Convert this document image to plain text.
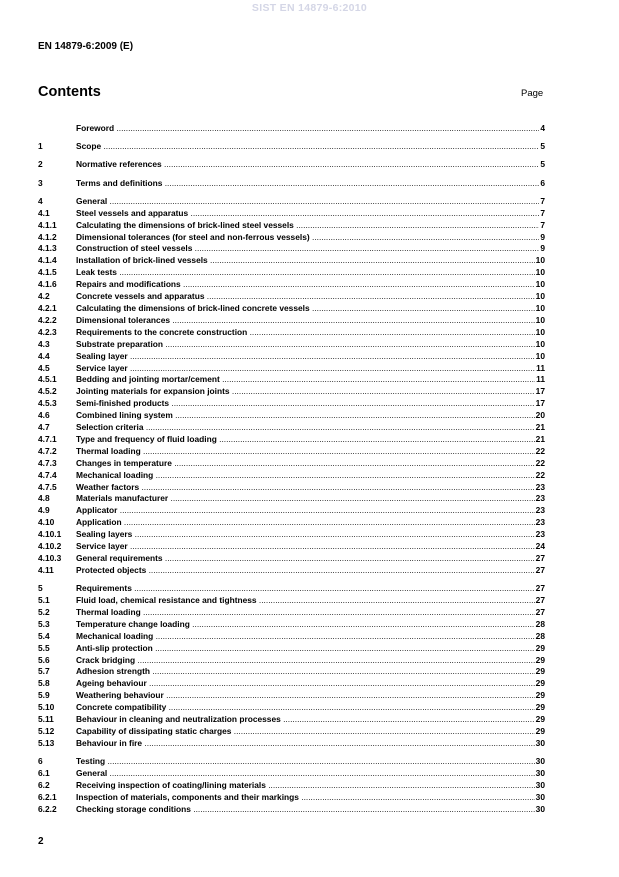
SIST EN 14879-6:2010
EN 14879-6:2009 (E)
Contents	Page
Foreword .....	4
1	Scope .....	5
2	Normative references .....	5
3	Terms and definitions .....	6
4	General .....	7
4.1	Steel vessels and apparatus .....	7
4.1.1	Calculating the dimensions of brick-lined steel vessels .....	7
4.1.2	Dimensional tolerances (for steel and non-ferrous vessels) .....	9
4.1.3	Construction of steel vessels .....	9
4.1.4	Installation of brick-lined vessels .....	10
4.1.5	Leak tests .....	10
4.1.6	Repairs and modifications .....	10
4.2	Concrete vessels and apparatus .....	10
4.2.1	Calculating the dimensions of brick-lined concrete vessels .....	10
4.2.2	Dimensional tolerances .....	10
4.2.3	Requirements to the concrete construction .....	10
4.3	Substrate preparation .....	10
4.4	Sealing layer .....	10
4.5	Service layer .....	11
4.5.1	Bedding and jointing mortar/cement .....	11
4.5.2	Jointing materials for expansion joints .....	17
4.5.3	Semi-finished products .....	17
4.6	Combined lining system .....	20
4.7	Selection criteria .....	21
4.7.1	Type and frequency of fluid loading .....	21
4.7.2	Thermal loading .....	22
4.7.3	Changes in temperature .....	22
4.7.4	Mechanical loading .....	22
4.7.5	Weather factors .....	23
4.8	Materials manufacturer .....	23
4.9	Applicator .....	23
4.10	Application .....	23
4.10.1	Sealing layers .....	23
4.10.2	Service layer .....	24
4.10.3	General requirements .....	27
4.11	Protected objects .....	27
5	Requirements .....	27
5.1	Fluid load, chemical resistance and tightness .....	27
5.2	Thermal loading .....	27
5.3	Temperature change loading .....	28
5.4	Mechanical loading .....	28
5.5	Anti-slip protection .....	29
5.6	Crack bridging .....	29
5.7	Adhesion strength .....	29
5.8	Ageing behaviour .....	29
5.9	Weathering behaviour .....	29
5.10	Concrete compatibility .....	29
5.11	Behaviour in cleaning and neutralization processes .....	29
5.12	Capability of dissipating static charges .....	29
5.13	Behaviour in fire .....	30
6	Testing .....	30
6.1	General .....	30
6.2	Receiving inspection of coating/lining materials .....	30
6.2.1	Inspection of materials, components and their markings .....	30
6.2.2	Checking storage conditions .....	30
2
